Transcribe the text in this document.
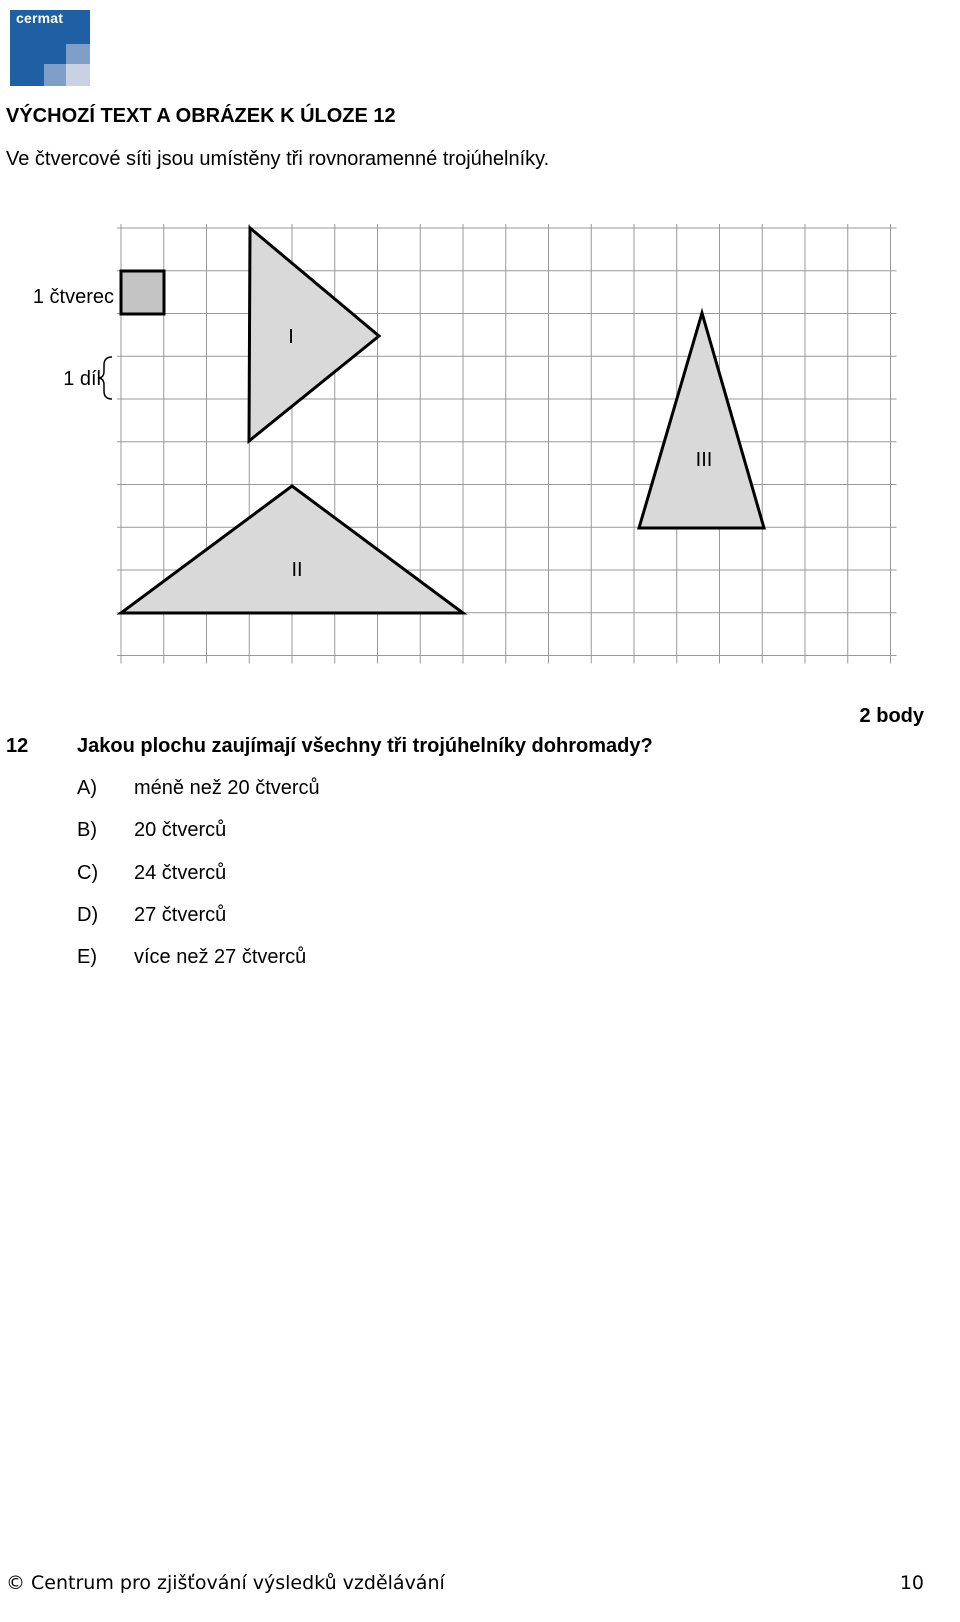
cermat
VÝCHOZÍ TEXT A OBRÁZEK K ÚLOZE 12
Ve čtvercové síti jsou umístěny tři rovnoramenné trojúhelníky.
1 čtverec
1 díl
I
II
III
2 body
12 Jakou plochu zaujímají všechny tři trojúhelníky dohromady?
A)	méně než 20 čtverců
B)	20 čtverců
C)	24 čtverců
D)	27 čtverců
E)	více než 27 čtverců
© Centrum pro zjišťování výsledků vzdělávání	10
